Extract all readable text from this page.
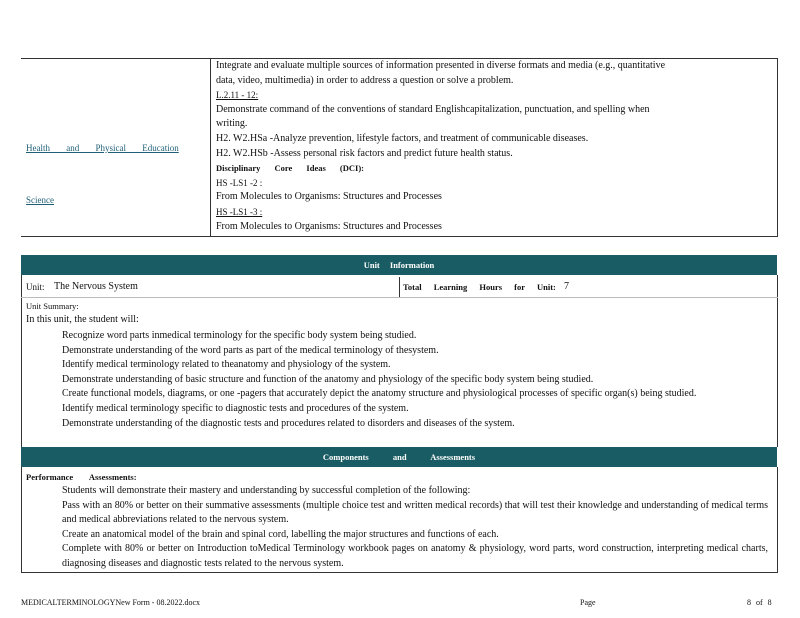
Health and Physical Education
Science
Integrate and evaluate multiple sources of information presented in diverse formats and media (e.g., quantitative
data, video, multimedia) in order to address a question or solve a problem.
L.2.11 - 12:
Demonstrate command of the conventions of standard Englishcapitalization, punctuation, and spelling when
writing.
H2. W2.HSa -Analyze prevention, lifestyle factors, and treatment of communicable diseases.
H2. W2.HSb -Assess personal risk factors and predict future health status.
Disciplinary Core Ideas (DCI):
HS -LS1 -2 :
From Molecules to Organisms: Structures and Processes
HS -LS1 -3 :
From Molecules to Organisms: Structures and Processes
Unit Information
Unit: The Nervous System	Total Learning Hours for Unit: 7
Unit Summary:
In this unit, the student will:
Recognize word parts inmedical terminology for the specific body system being studied.
Demonstrate understanding of the word parts as part of the medical terminology of thesystem.
Identify medical terminology related to theanatomy and physiology of the system.
Demonstrate understanding of basic structure and function of the anatomy and physiology of the specific body system being studied.
Create functional models, diagrams, or one -pagers that accurately depict the anatomy structure and physiological processes of specific organ(s) being studied.
Identify medical terminology specific to diagnostic tests and procedures of the system.
Demonstrate understanding of the diagnostic tests and procedures related to disorders and diseases of the system.
Components and Assessments
Performance Assessments:
Students will demonstrate their mastery and understanding by successful completion of the following:
Pass with an 80% or better on their summative assessments (multiple choice test and written medical records) that will test their knowledge and understanding of medical terms and medical abbreviations related to the nervous system.
Create an anatomical model of the brain and spinal cord, labelling the major structures and functions of each.
Complete with 80% or better on Introduction toMedical Terminology workbook pages on anatomy & physiology, word parts, word construction, interpreting medical charts, diagnosing diseases and diagnostic tests related to the nervous system.
MEDICALTERMINOLOGYNew Form - 08.2022.docx	Page	8 of 8
